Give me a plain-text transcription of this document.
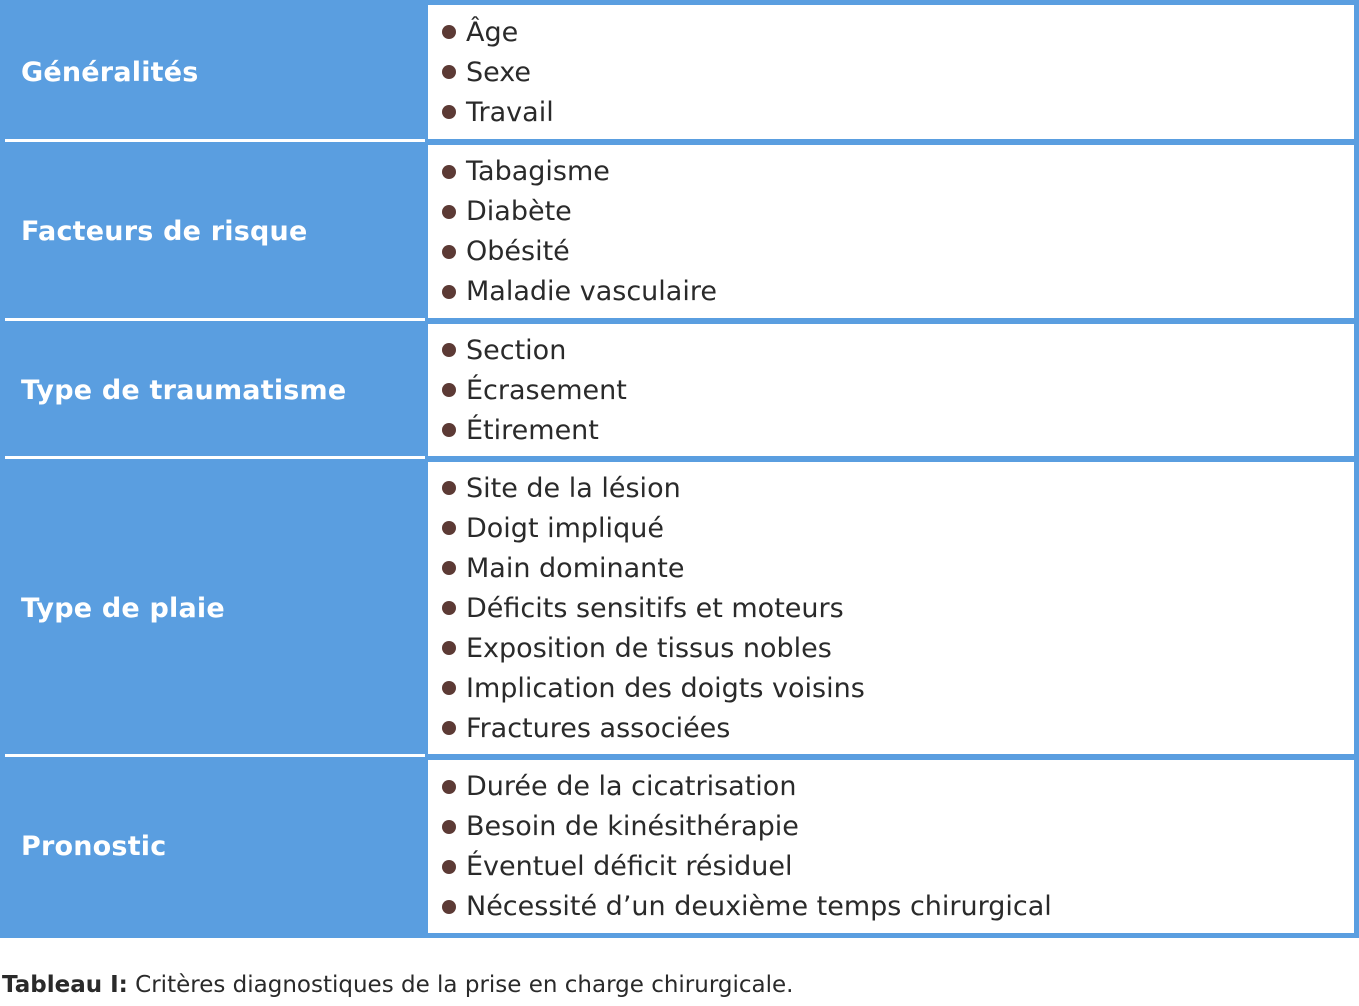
Généralités
Âge
Sexe
Travail
Facteurs de risque
Tabagisme
Diabète
Obésité
Maladie vasculaire
Type de traumatisme
Section
Écrasement
Étirement
Type de plaie
Site de la lésion
Doigt impliqué
Main dominante
Déficits sensitifs et moteurs
Exposition de tissus nobles
Implication des doigts voisins
Fractures associées
Pronostic
Durée de la cicatrisation
Besoin de kinésithérapie
Éventuel déficit résiduel
Nécessité d’un deuxième temps chirurgical
Tableau I: Critères diagnostiques de la prise en charge chirurgicale.
